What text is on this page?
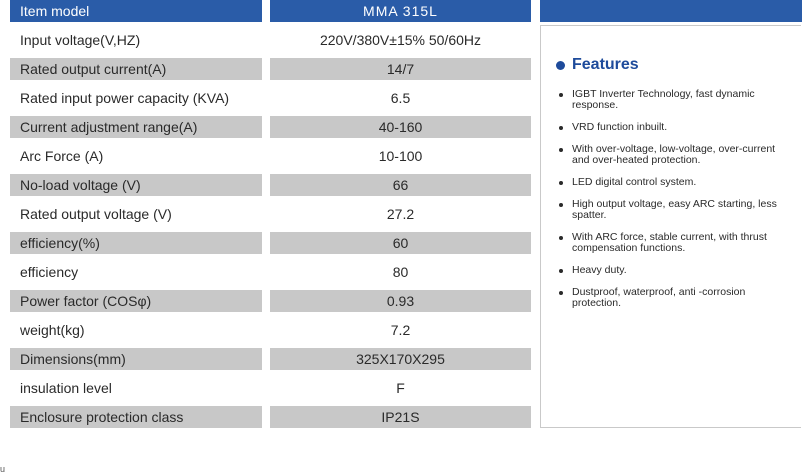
Item model	MMA 315L
Input voltage(V,HZ)	220V/380V±15% 50/60Hz
Rated output current(A)	14/7
Rated input power capacity (KVA)	6.5
Current adjustment range(A)	40-160
Arc Force (A)	10-100
No-load voltage (V)	66
Rated output voltage (V)	27.2
efficiency(%)	60
efficiency	80
Power factor (COSφ)	0.93
weight(kg)	7.2
Dimensions(mm)	325X170X295
insulation level	F
Enclosure protection class	IP21S
Features
IGBT Inverter Technology, fast dynamic response.
VRD function inbuilt.
With over-voltage, low-voltage, over-current and over-heated protection.
LED digital control system.
High output voltage, easy ARC starting, less spatter.
With ARC force, stable current, with thrust compensation functions.
Heavy duty.
Dustproof, waterproof, anti -corrosion protection.
u
